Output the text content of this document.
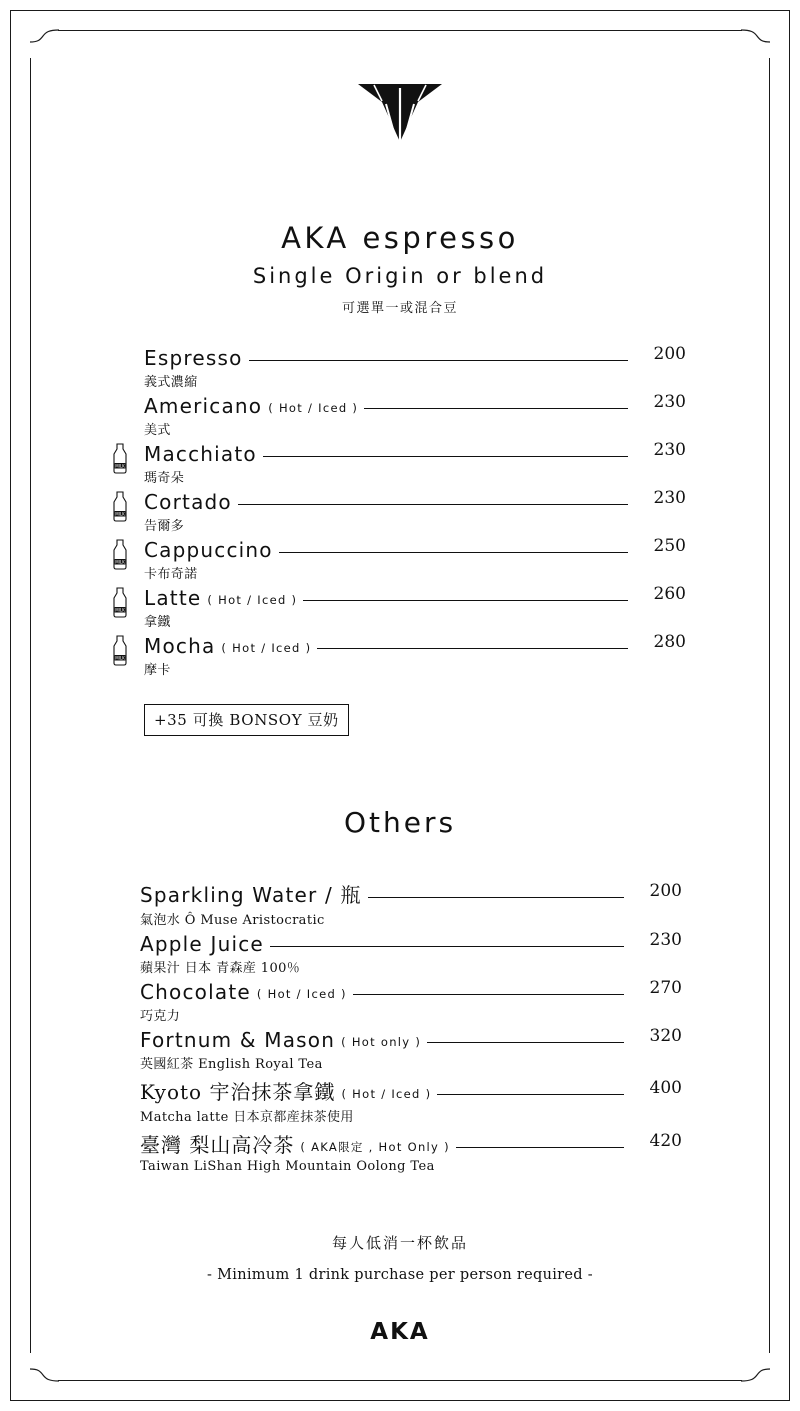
AKA espresso
Single Origin or blend
可選單一或混合豆
Espresso	200
義式濃縮
Americano ( Hot / Iced )	230
美式
MILK
Macchiato	230
瑪奇朵
MILK
Cortado	230
告爾多
MILK
Cappuccino	250
卡布奇諾
MILK
Latte ( Hot / Iced )	260
拿鐵
MILK
Mocha ( Hot / Iced )	280
摩卡
+35 可換 BONSOY 豆奶
Others
Sparkling Water / 瓶	200
氣泡水 Ô Muse Aristocratic
Apple Juice	230
蘋果汁 日本 青森産 100％
Chocolate ( Hot / Iced )	270
巧克力
Fortnum & Mason ( Hot only )	320
英國紅茶 English Royal Tea
Kyoto 宇治抹茶拿鐵 ( Hot / Iced )	400
Matcha latte 日本京都産抹茶使用
臺灣 梨山高冷茶 ( AKA限定 , Hot Only )	420
Taiwan LiShan High Mountain Oolong Tea
每人低消一杯飲品
- Minimum 1 drink purchase per person required -
AKA
